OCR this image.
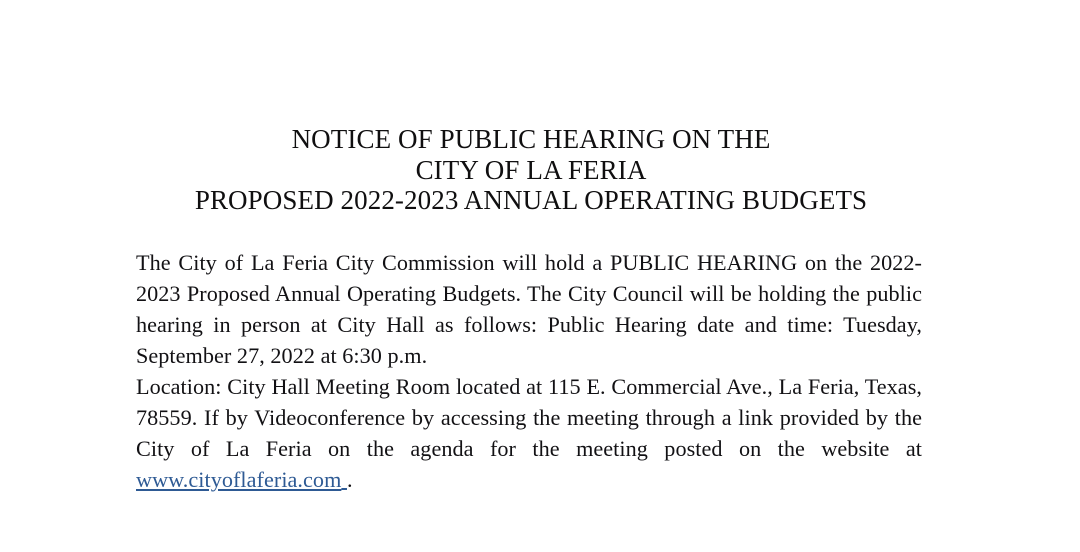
NOTICE OF PUBLIC HEARING ON THE
CITY OF LA FERIA
PROPOSED 2022-2023 ANNUAL OPERATING BUDGETS

The City of La Feria City Commission will hold a PUBLIC HEARING on the 2022-2023 Proposed Annual Operating Budgets. The City Council will be holding the public hearing in person at City Hall as follows: Public Hearing date and time: Tuesday, September 27, 2022 at 6:30 p.m.

Location: City Hall Meeting Room located at 115 E. Commercial Ave., La Feria, Texas, 78559. If by Videoconference by accessing the meeting through a link provided by the City of La Feria on the agenda for the meeting posted on the website at www.cityoflaferia.com .
